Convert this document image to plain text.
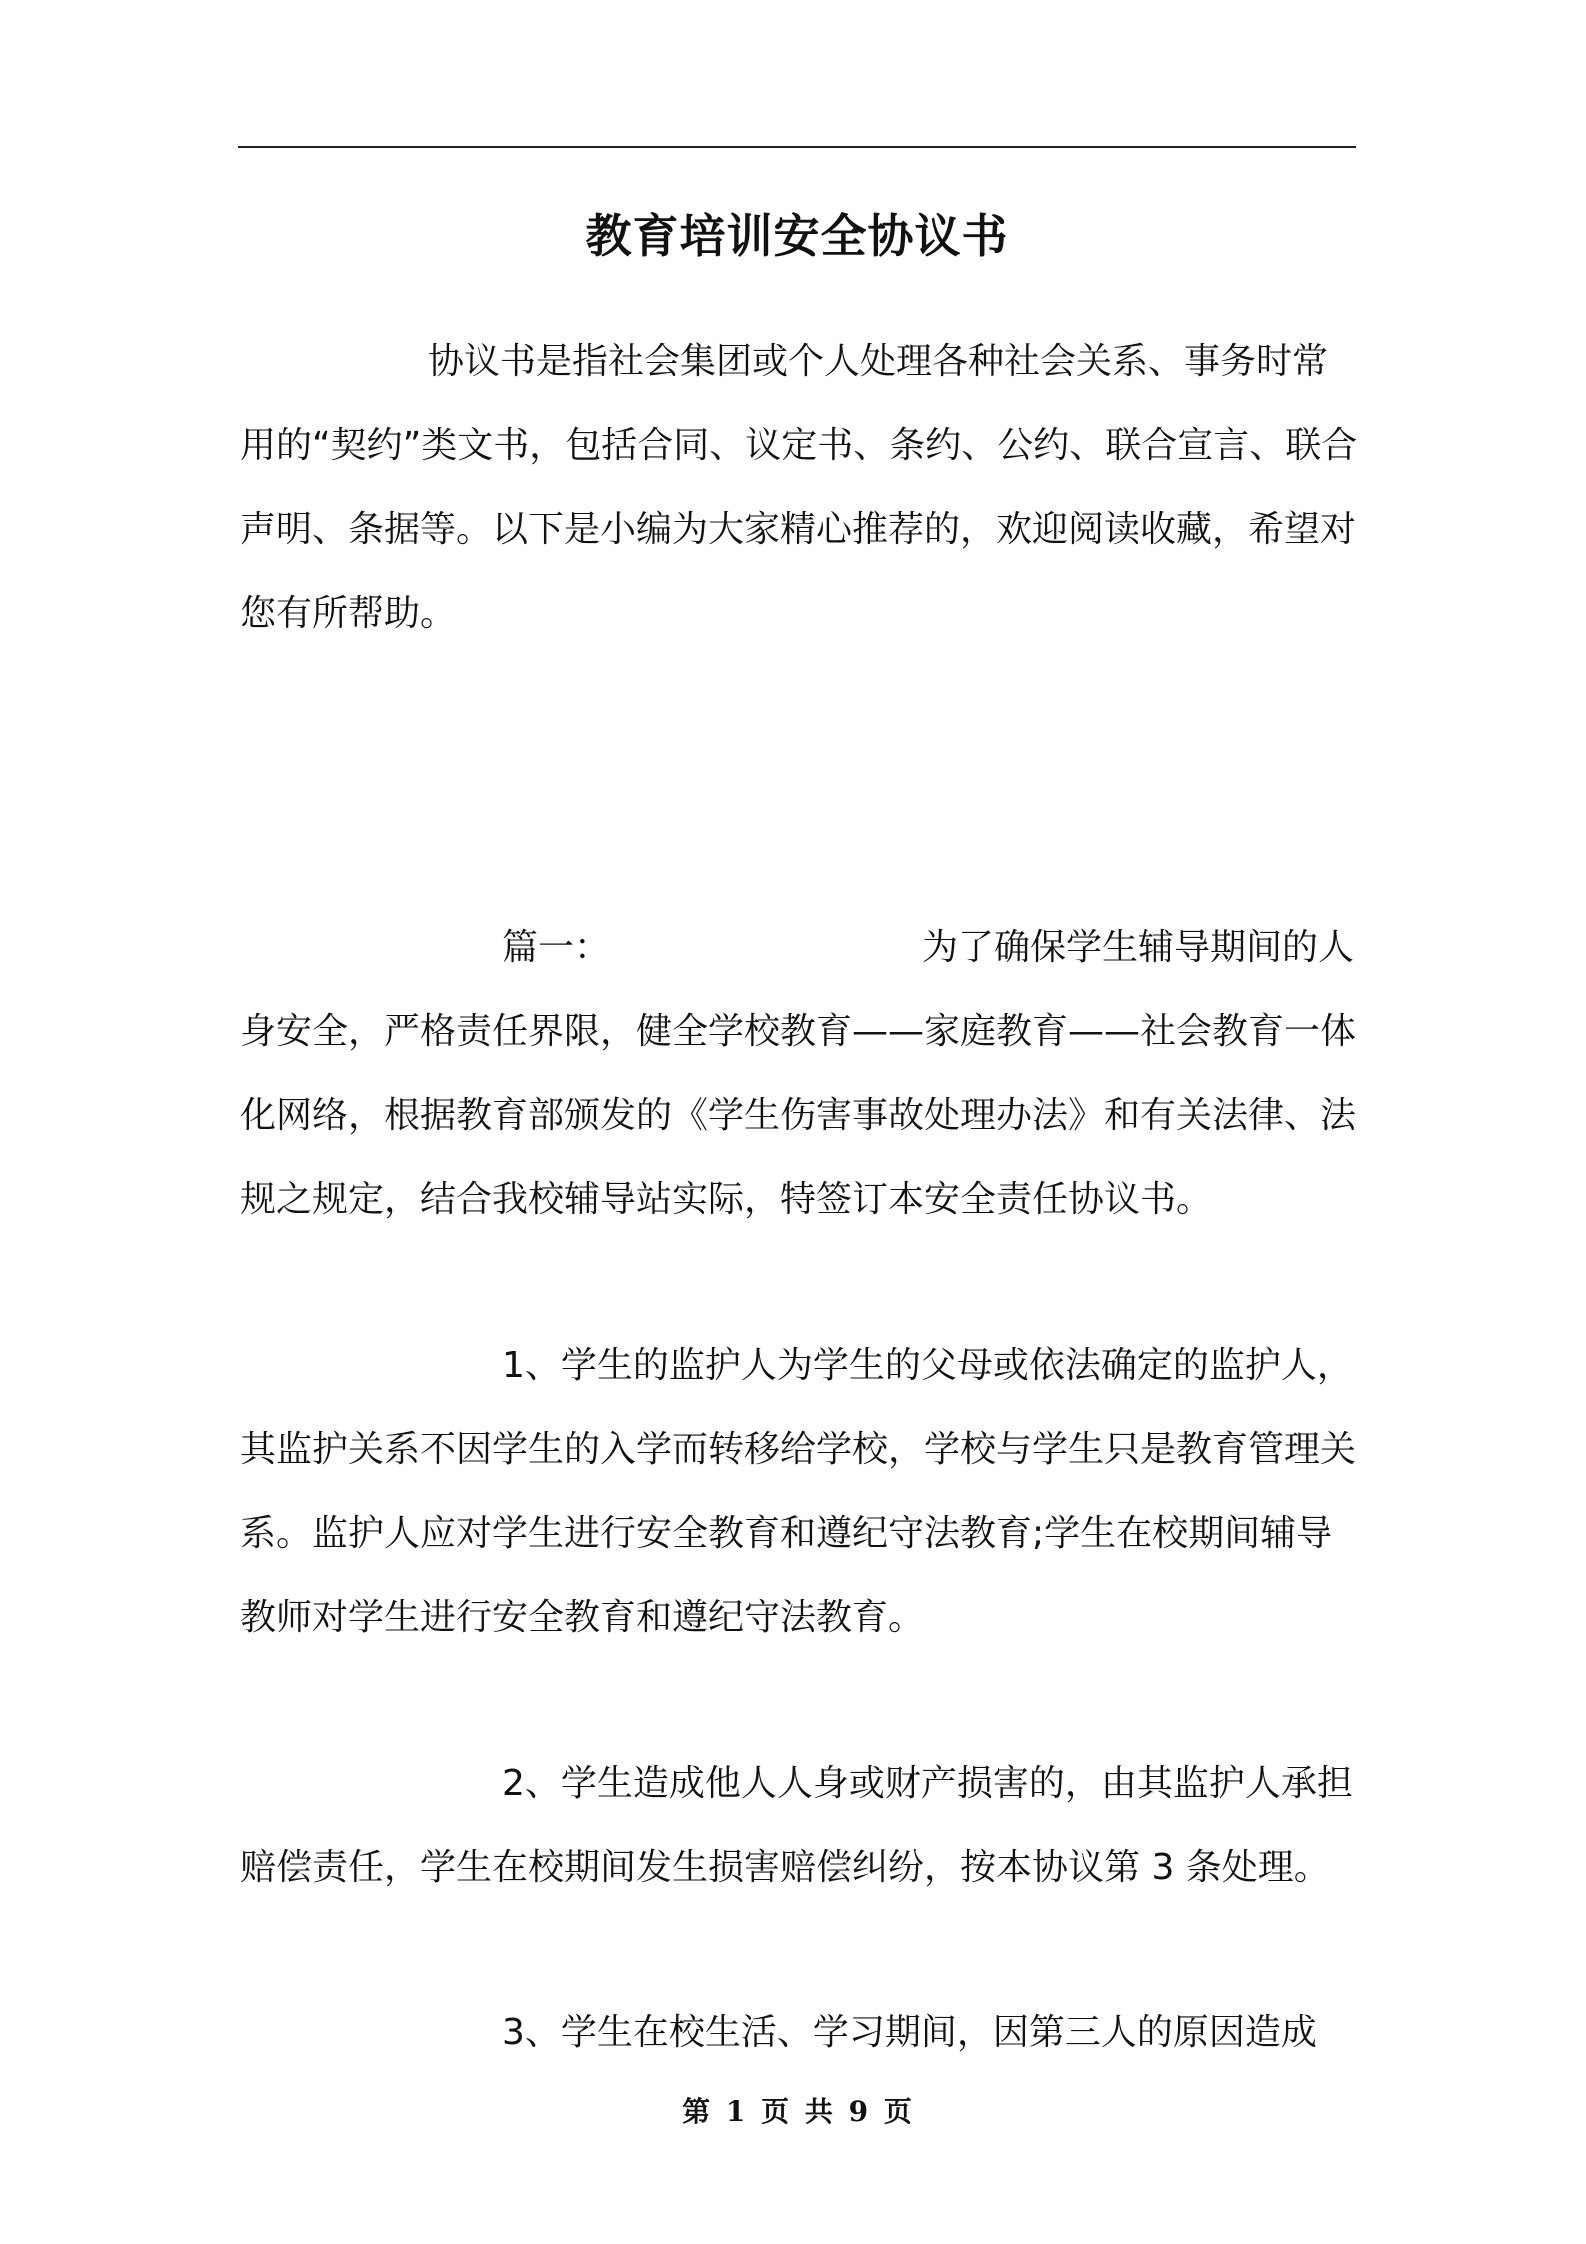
教育培训安全协议书
协议书是指社会集团或个人处理各种社会关系、事务时常用的“契约”类文书，包括合同、议定书、条约、公约、联合宣言、联合声明、条据等。以下是小编为大家精心推荐的，欢迎阅读收藏，希望对您有所帮助。
篇一：	为了确保学生辅导期间的人身安全，严格责任界限，健全学校教育——家庭教育——社会教育一体化网络，根据教育部颁发的《学生伤害事故处理办法》和有关法律、法规之规定，结合我校辅导站实际，特签订本安全责任协议书。
1、学生的监护人为学生的父母或依法确定的监护人，其监护关系不因学生的入学而转移给学校，学校与学生只是教育管理关系。监护人应对学生进行安全教育和遵纪守法教育;学生在校期间辅导教师对学生进行安全教育和遵纪守法教育。
2、学生造成他人人身或财产损害的，由其监护人承担赔偿责任，学生在校期间发生损害赔偿纠纷，按本协议第 3 条处理。
3、学生在校生活、学习期间，因第三人的原因造成
第 1 页 共 9 页
